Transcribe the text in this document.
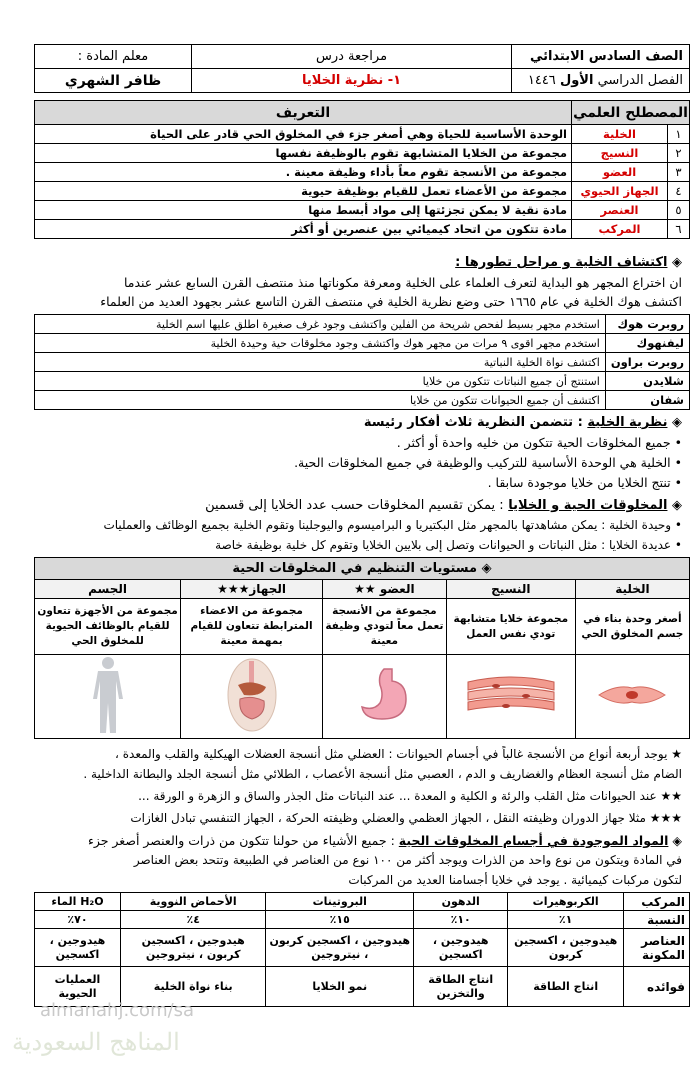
الصف السادس الابتدائي	مراجعة درس	معلم المادة :
الفصل الدراسي الأول ١٤٤٦	١- نظرية الخلايا	ظافر الشهري
المصطلح العلمي		التعريف
١	الخلية	الوحدة الأساسية للحياة وهي أصغر جزء في المخلوق الحي قادر على الحياة
٢	النسيج	مجموعة من الخلايا المتشابهة تقوم بالوظيفة نفسها
٣	العضو	مجموعة من الأنسجة تقوم معاً بأداء وظيفة معينة .
٤	الجهاز الحيوي	مجموعة من الأعضاء تعمل للقيام بوظيفة حيوية
٥	العنصر	مادة نقية لا يمكن تجزئتها إلى مواد أبسط منها
٦	المركب	مادة تتكون من اتحاد كيميائي بين عنصرين أو أكثر
◈ اكتشاف الخلية و مراحل تطورها :
ان اختراع المجهر هو البداية لتعرف العلماء على الخلية ومعرفة مكوناتها منذ منتصف القرن السابع عشر عندما
اكتشف هوك الخلية في عام ١٦٦٥ حتى وضع نظرية الخلية في منتصف القرن التاسع عشر بجهود العديد من العلماء
روبرت هوك	استخدم مجهر بسيط لفحص شريحة من الفلين واكتشف وجود غرف صغيرة اطلق عليها اسم الخلية
ليفنهوك	استخدم مجهر اقوى ٩ مرات من مجهر هوك واكتشف وجود مخلوقات حية وحيدة الخلية
روبرت براون	اكتشف نواة الخلية النباتية
شلايدن	استنتج أن جميع النباتات تتكون من خلايا
شفان	اكتشف أن جميع الحيوانات تتكون من خلايا
◈ نظرية الخلية : تتضمن النظرية ثلاث أفكار رئيسة
• جميع المخلوقات الحية تتكون من خليه واحدة أو أكثر .
• الخلية هي الوحدة الأساسية للتركيب والوظيفة في جميع المخلوقات الحية.
• تنتج الخلايا من خلايا موجودة سابقا .
◈ المخلوقات الحية و الخلايا : يمكن تقسيم المخلوقات حسب عدد الخلايا إلى قسمين
• وحيدة الخلية : يمكن مشاهدتها بالمجهر مثل البكتيريا و البراميسوم واليوجلينا وتقوم الخلية بجميع الوظائف والعمليات
• عديدة الخلايا : مثل النباتات و الحيوانات وتصل إلى بلايين الخلايا وتقوم كل خلية بوظيفة خاصة
◈ مستويات التنظيم في المخلوقات الحية				
الخلية	النسيج	العضو ★★	الجهاز★★★	الجسم
أصغر وحدة بناء في جسم المخلوق الحي	مجموعة خلايا متشابهة تودي نفس العمل	مجموعة من الأنسجة تعمل معاً لتودي وظيفة معينة	مجموعة من الاعضاء المترابطة تتعاون للقيام بمهمة معينة	مجموعة من الأجهزة تتعاون للقيام بالوظائف الحيوية للمخلوق الحي

★ يوجد أربعة أنواع من الأنسجة غالباً في أجسام الحيوانات : العضلي مثل أنسجة العضلات الهيكلية والقلب والمعدة ،
الضام مثل أنسجة العظام والغضاريف و الدم ، العصبي مثل أنسجة الأعصاب ، الطلائي مثل أنسجة الجلد والبطانة الداخلية .
★★ عند الحيوانات مثل القلب والرئة و الكلية و المعدة ... عند النباتات مثل الجذر والساق و الزهرة و الورقة ...
★★★ مثلا جهاز الدوران وظيفته النقل ، الجهاز العظمي والعضلي وظيفته الحركة ، الجهاز التنفسي تبادل الغازات
◈ المواد الموجودة في أجسام المخلوقات الحية : جميع الأشياء من حولنا تتكون من ذرات والعنصر أصغر جزء
في المادة ويتكون من نوع واحد من الذرات ويوجد أكثر من ١٠٠ نوع من العناصر في الطبيعة وتتحد بعض العناصر
لتكون مركبات كيميائية . يوجد في خلايا أجسامنا العديد من المركبات
المركب	الكربوهيرات	الدهون	البروتينات	الأحماض النووية	H₂O الماء
النسبة	١٪	١٠٪	١٥٪	٤٪	٧٠٪
العناصر المكونة	هيدوجين ، اكسجين كربون	هيدوجين ، اكسجين	هيدوجين ، اكسجين كربون ، نيتروجين	هيدوجين ، اكسجين كربون ، نيتروجين	هيدوجين ، اكسجين
فوائده	انتاج الطاقة	انتاج الطاقة والتخزين	نمو الخلايا	بناء نواة الخلية	العمليات الحيوية
almanahj.com/sa
المناهج السعودية
